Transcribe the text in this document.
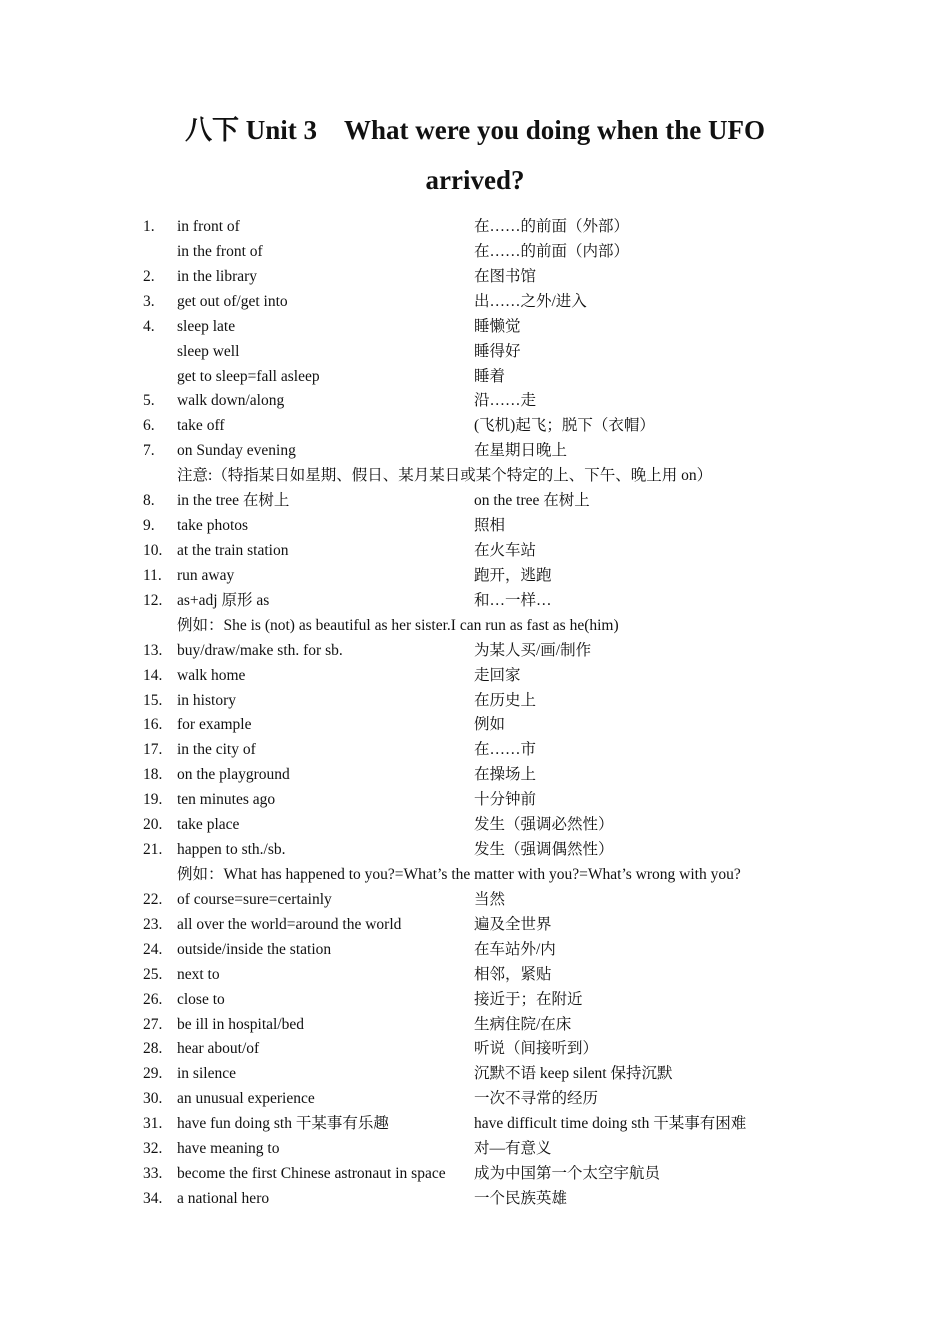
八下 Unit 3　What were you doing when the UFO
arrived?
1. in front of	在……的前面（外部）
in the front of	在……的前面（内部）
2. in the library	在图书馆
3. get out of/get into	出……之外/进入
4. sleep late	睡懒觉
sleep well	睡得好
get to sleep=fall asleep	睡着
5. walk down/along	沿……走
6. take off	(飞机)起飞；脱下（衣帽）
7. on Sunday evening	在星期日晚上
注意:（特指某日如星期、假日、某月某日或某个特定的上、下午、晚上用 on）
8. in the tree 在树上	on the tree 在树上
9. take photos	照相
10. at the train station	在火车站
11. run away	跑开，逃跑
12. as+adj 原形 as	和…一样…
例如：She is (not) as beautiful as her sister.I can run as fast as he(him)
13. buy/draw/make sth. for sb.	为某人买/画/制作
14. walk home	走回家
15. in history	在历史上
16. for example	例如
17. in the city of	在……市
18. on the playground	在操场上
19. ten minutes ago	十分钟前
20. take place	发生（强调必然性）
21. happen to sth./sb.	发生（强调偶然性）
例如：What has happened to you?=What’s the matter with you?=What’s wrong with you?
22. of course=sure=certainly	当然
23. all over the world=around the world	遍及全世界
24. outside/inside the station	在车站外/内
25. next to	相邻，紧贴
26. close to	接近于；在附近
27. be ill in hospital/bed	生病住院/在床
28. hear about/of	听说（间接听到）
29. in silence	沉默不语 keep silent 保持沉默
30. an unusual experience	一次不寻常的经历
31. have fun doing sth 干某事有乐趣	have difficult time doing sth 干某事有困难
32. have meaning to	对—有意义
33. become the first Chinese astronaut in space 成为中国第一个太空宇航员
34. a national hero	一个民族英雄
